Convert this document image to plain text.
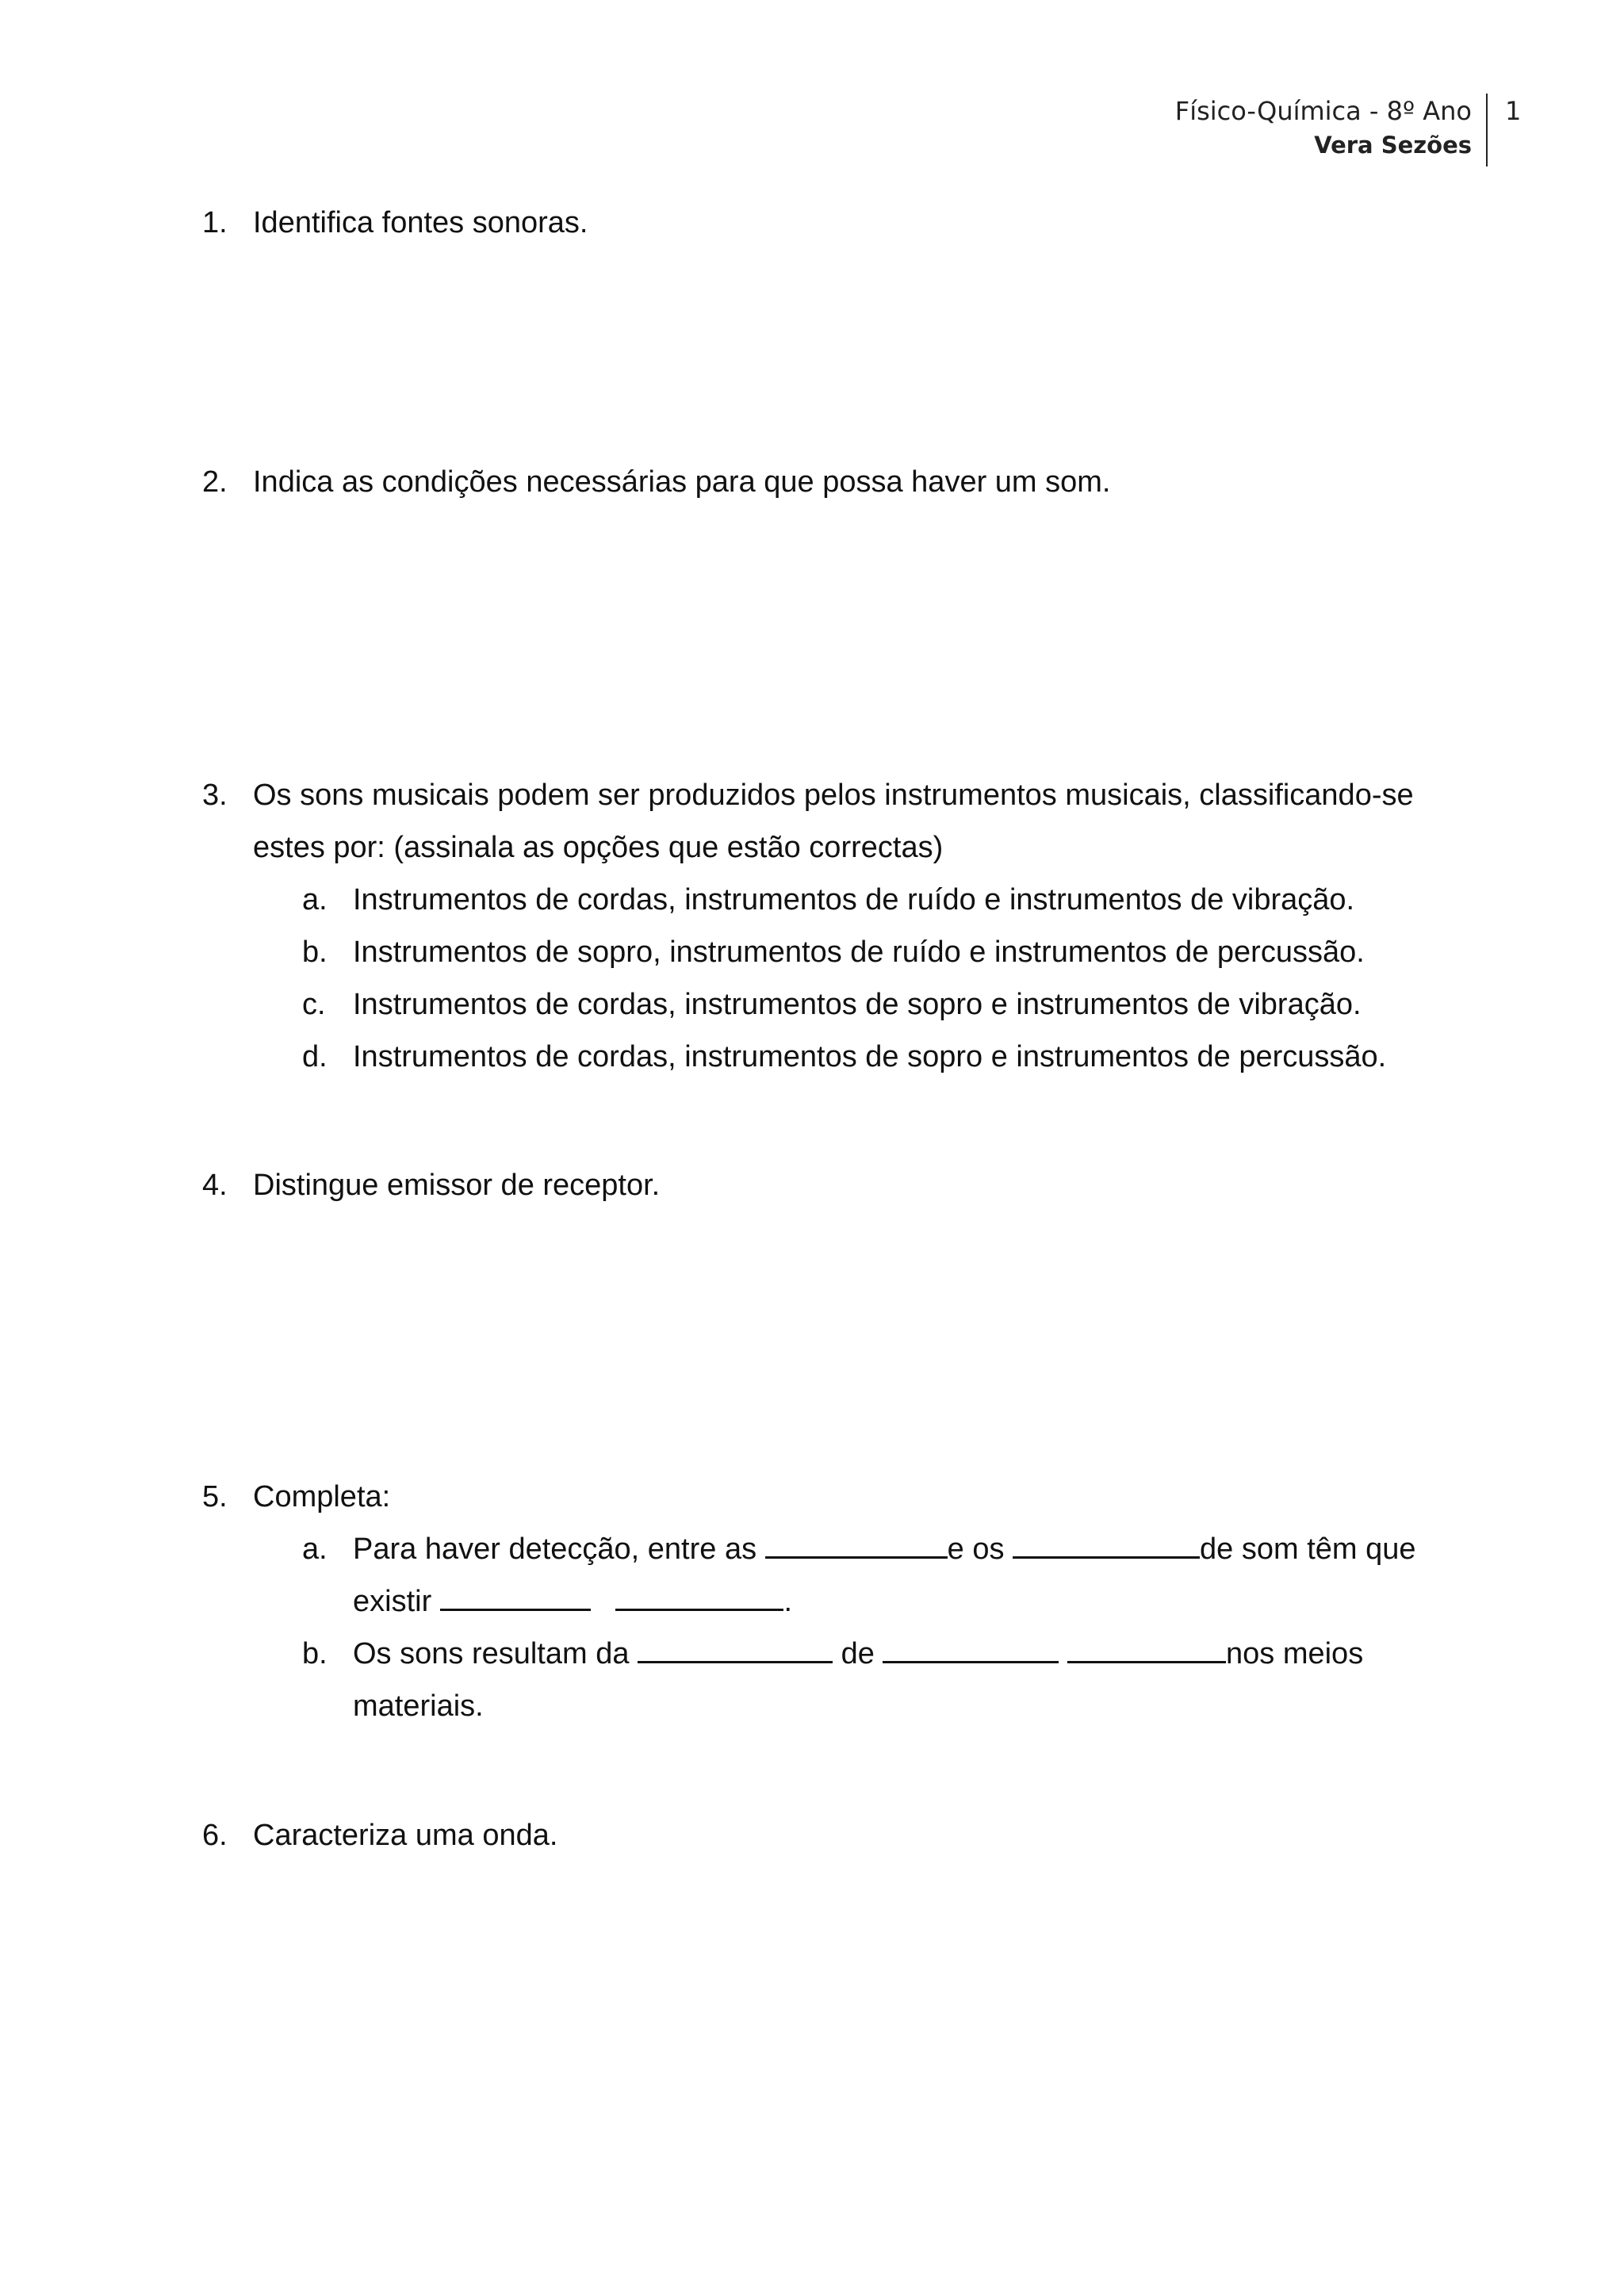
Físico-Química - 8º Ano
Vera Sezões
1
1. Identifica fontes sonoras.
2. Indica as condições necessárias para que possa haver um som.
3. Os sons musicais podem ser produzidos pelos instrumentos musicais, classificando-se estes por: (assinala as opções que estão correctas)
a. Instrumentos de cordas, instrumentos de ruído e instrumentos de vibração.
b. Instrumentos de sopro, instrumentos de ruído e instrumentos de percussão.
c. Instrumentos de cordas, instrumentos de sopro e instrumentos de vibração.
d. Instrumentos de cordas, instrumentos de sopro e instrumentos de percussão.
4. Distingue emissor de receptor.
5. Completa:
a. Para haver detecção, entre as	e os	de som têm que existir	.
b. Os sons resultam da	de	nos meios materiais.
6. Caracteriza uma onda.
